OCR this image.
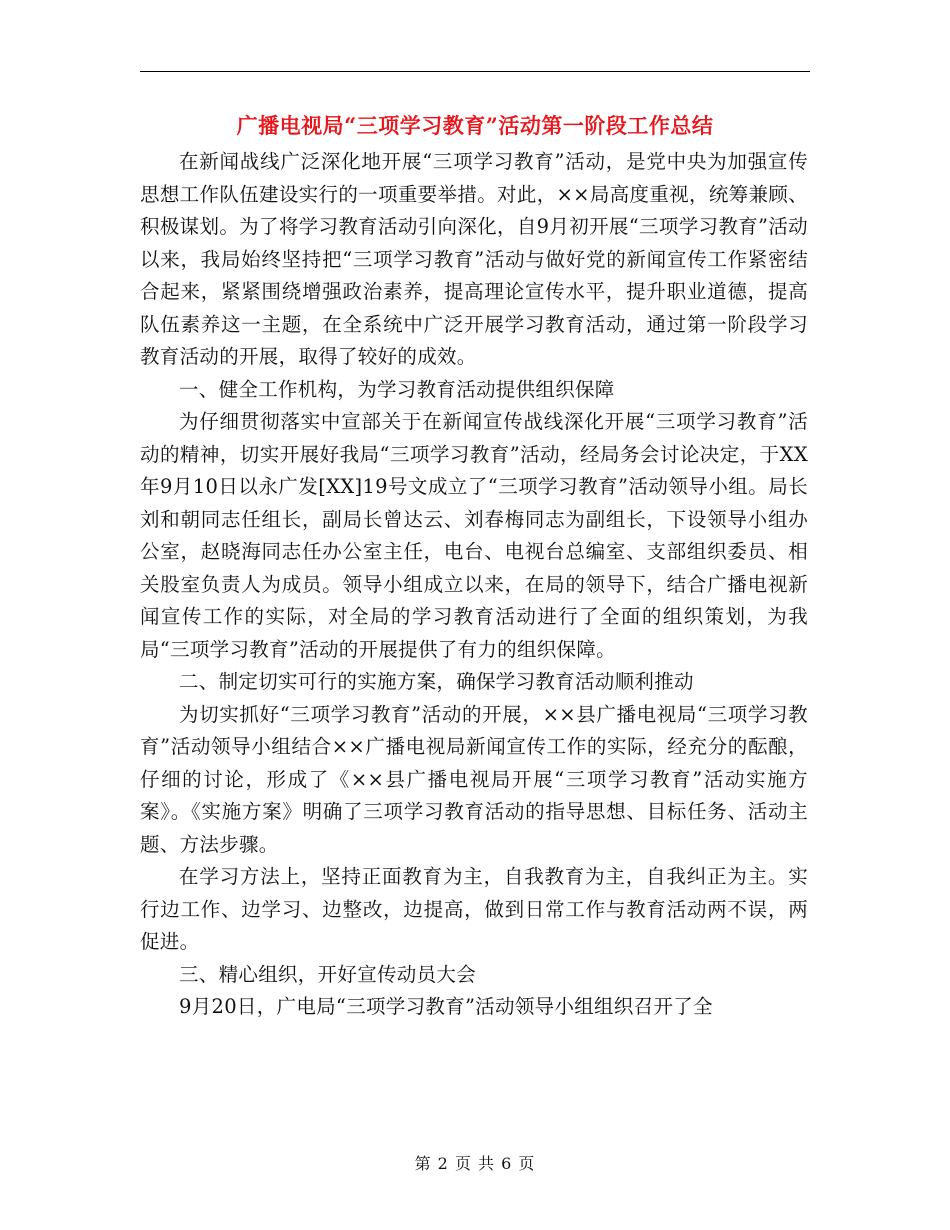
广播电视局“三项学习教育”活动第一阶段工作总结

在新闻战线广泛深化地开展“三项学习教育”活动，是党中央为加强宣传思想工作队伍建设实行的一项重要举措。对此，××局高度重视，统筹兼顾、积极谋划。为了将学习教育活动引向深化，自9月初开展“三项学习教育”活动以来，我局始终坚持把“三项学习教育”活动与做好党的新闻宣传工作紧密结合起来，紧紧围绕增强政治素养，提高理论宣传水平，提升职业道德，提高队伍素养这一主题，在全系统中广泛开展学习教育活动，通过第一阶段学习教育活动的开展，取得了较好的成效。

一、健全工作机构，为学习教育活动提供组织保障

为仔细贯彻落实中宣部关于在新闻宣传战线深化开展“三项学习教育”活动的精神，切实开展好我局“三项学习教育”活动，经局务会讨论决定，于XX年9月10日以永广发[XX]19号文成立了“三项学习教育”活动领导小组。局长刘和朝同志任组长，副局长曾达云、刘春梅同志为副组长，下设领导小组办公室，赵晓海同志任办公室主任，电台、电视台总编室、支部组织委员、相关股室负责人为成员。领导小组成立以来，在局的领导下，结合广播电视新闻宣传工作的实际，对全局的学习教育活动进行了全面的组织策划，为我局“三项学习教育”活动的开展提供了有力的组织保障。

二、制定切实可行的实施方案，确保学习教育活动顺利推动

为切实抓好“三项学习教育”活动的开展，××县广播电视局“三项学习教育”活动领导小组结合××广播电视局新闻宣传工作的实际，经充分的酝酿，仔细的讨论，形成了《××县广播电视局开展“三项学习教育”活动实施方案》。《实施方案》明确了三项学习教育活动的指导思想、目标任务、活动主题、方法步骤。

在学习方法上，坚持正面教育为主，自我教育为主，自我纠正为主。实行边工作、边学习、边整改，边提高，做到日常工作与教育活动两不误，两促进。

三、精心组织，开好宣传动员大会

9月20日，广电局“三项学习教育”活动领导小组组织召开了全

第 2 页 共 6 页
